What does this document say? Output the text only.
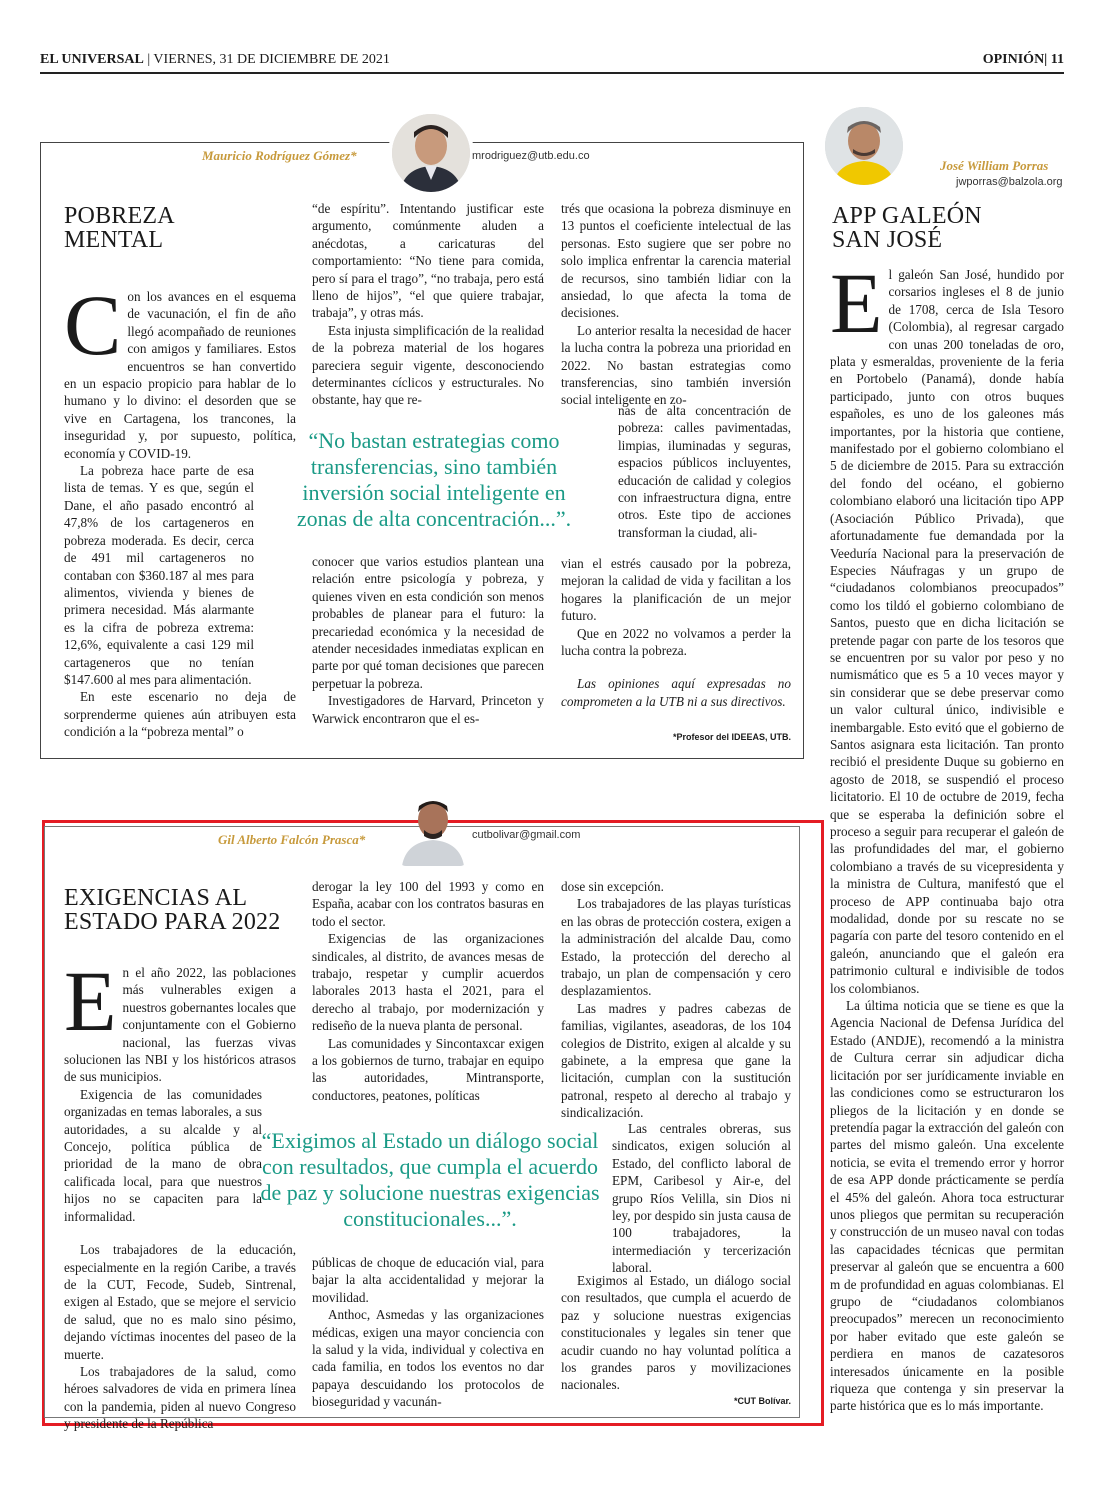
EL UNIVERSAL | VIERNES, 31 DE DICIEMBRE DE 2021	OPINIÓN| 11
Mauricio Rodríguez Gómez*	mrodriguez@utb.edu.co
POBREZA
MENTAL

Con los avances en el esquema de vacunación, el fin de año llegó acompañado de reuniones con amigos y familiares. Estos encuentros se han convertido en un espacio propicio para hablar de lo humano y lo divino: el desorden que se vive en Cartagena, los trancones, la inseguridad y, por supuesto, política, economía y COVID-19.

La pobreza hace parte de esa lista de temas. Y es que, según el Dane, el año pasado encontró al 47,8% de los cartageneros en pobreza moderada. Es decir, cerca de 491 mil cartageneros no contaban con $360.187 al mes para alimentos, vivienda y bienes de primera necesidad. Más alarmante es la cifra de pobreza extrema: 12,6%, equivalente a casi 129 mil cartageneros que no tenían $147.600 al mes para alimentación.

En este escenario no deja de sorprenderme quienes aún atribuyen esta condición a la “pobreza mental” o

“de espíritu”. Intentando justificar este argumento, comúnmente aluden a anécdotas, a caricaturas del comportamiento: “No tiene para comida, pero sí para el trago”, “no trabaja, pero está lleno de hijos”, “el que quiere trabajar, trabaja”, y otras más.

Esta injusta simplificación de la realidad de la pobreza material de los hogares pareciera seguir vigente, desconociendo determinantes cíclicos y estructurales. No obstante, hay que re-

conocer que varios estudios plantean una relación entre psicología y pobreza, y quienes viven en esta condición son menos probables de planear para el futuro: la precariedad económica y la necesidad de atender necesidades inmediatas explican en parte por qué toman decisiones que parecen perpetuar la pobreza.

Investigadores de Harvard, Princeton y Warwick encontraron que el es-

trés que ocasiona la pobreza disminuye en 13 puntos el coeficiente intelectual de las personas. Esto sugiere que ser pobre no solo implica enfrentar la carencia material de recursos, sino también lidiar con la ansiedad, lo que afecta la toma de decisiones.

Lo anterior resalta la necesidad de hacer la lucha contra la pobreza una prioridad en 2022. No bastan estrategias como transferencias, sino también inversión social inteligente en zo-

nas de alta concentración de pobreza: calles pavimentadas, limpias, iluminadas y seguras, espacios públicos incluyentes, educación de calidad y colegios con infraestructura digna, entre otros. Este tipo de acciones transforman la ciudad, ali-

vian el estrés causado por la pobreza, mejoran la calidad de vida y facilitan a los hogares la planificación de un mejor futuro.

Que en 2022 no volvamos a perder la lucha contra la pobreza.

Las opiniones aquí expresadas no comprometen a la UTB ni a sus directivos.

*Profesor del IDEEAS, UTB.
“No bastan estrategias como transferencias, sino también inversión social inteligente en zonas de alta concentración...”.
José William Porras
jwporras@balzola.org
APP GALEÓN
SAN JOSÉ

El galeón San José, hundido por corsarios ingleses el 8 de junio de 1708, cerca de Isla Tesoro (Colombia), al regresar cargado con unas 200 toneladas de oro, plata y esmeraldas, proveniente de la feria en Portobelo (Panamá), donde había participado, junto con otros buques españoles, es uno de los galeones más importantes, por la historia que contiene, manifestado por el gobierno colombiano el 5 de diciembre de 2015. Para su extracción del fondo del océano, el gobierno colombiano elaboró una licitación tipo APP (Asociación Público Privada), que afortunadamente fue demandada por la Veeduría Nacional para la preservación de Especies Náufragas y un grupo de “ciudadanos colombianos preocupados” como los tildó el gobierno colombiano de Santos, puesto que en dicha licitación se pretende pagar con parte de los tesoros que se encuentren por su valor por peso y no numismático que es 5 a 10 veces mayor y sin considerar que se debe preservar como un valor cultural único, indivisible e inembargable. Esto evitó que el gobierno de Santos asignara esta licitación. Tan pronto recibió el presidente Duque su gobierno en agosto de 2018, se suspendió el proceso licitatorio. El 10 de octubre de 2019, fecha que se esperaba la definición sobre el proceso a seguir para recuperar el galeón de las profundidades del mar, el gobierno colombiano a través de su vicepresidenta y la ministra de Cultura, manifestó que el proceso de APP continuaba bajo otra modalidad, donde por su rescate no se pagaría con parte del tesoro contenido en el galeón, anunciando que el galeón era patrimonio cultural e indivisible de todos los colombianos.

La última noticia que se tiene es que la Agencia Nacional de Defensa Jurídica del Estado (ANDJE), recomendó a la ministra de Cultura cerrar sin adjudicar dicha licitación por ser jurídicamente inviable en las condiciones como se estructuraron los pliegos de la licitación y en donde se pretendía pagar la extracción del galeón con partes del mismo galeón. Una excelente noticia, se evita el tremendo error y horror de esa APP donde prácticamente se perdía el 45% del galeón. Ahora toca estructurar unos pliegos que permitan su recuperación y construcción de un museo naval con todas las capacidades técnicas que permitan preservar al galeón que se encuentra a 600 m de profundidad en aguas colombianas. El grupo de “ciudadanos colombianos preocupados” merecen un reconocimiento por haber evitado que este galeón se perdiera en manos de cazatesoros interesados únicamente en la posible riqueza que contenga y sin preservar la parte histórica que es lo más importante.

Gil Alberto Falcón Prasca*	cutbolivar@gmail.com
EXIGENCIAS AL
ESTADO PARA 2022

En el año 2022, las poblaciones más vulnerables exigen a nuestros gobernantes locales que conjuntamente con el Gobierno nacional, las fuerzas vivas solucionen las NBI y los históricos atrasos de sus municipios.

Exigencia de las comunidades organizadas en temas laborales, a sus autoridades, a su alcalde y al Concejo, política pública de prioridad de la mano de obra calificada local, para que nuestros hijos no se capaciten para la informalidad.

Los trabajadores de la educación, especialmente en la región Caribe, a través de la CUT, Fecode, Sudeb, Sintrenal, exigen al Estado, que se mejore el servicio de salud, que no es malo sino pésimo, dejando víctimas inocentes del paseo de la muerte.

Los trabajadores de la salud, como héroes salvadores de vida en primera línea con la pandemia, piden al nuevo Congreso y presidente de la República

derogar la ley 100 del 1993 y como en España, acabar con los contratos basuras en todo el sector.

Exigencias de las organizaciones sindicales, al distrito, de avances mesas de trabajo, respetar y cumplir acuerdos laborales 2013 hasta el 2021, para el derecho al trabajo, por modernización y rediseño de la nueva planta de personal.

Las comunidades y Sincontaxcar exigen a los gobiernos de turno, trabajar en equipo las autoridades, Mintransporte, conductores, peatones, políticas

públicas de choque de educación vial, para bajar la alta accidentalidad y mejorar la movilidad.

Anthoc, Asmedas y las organizaciones médicas, exigen una mayor conciencia con la salud y la vida, individual y colectiva en cada familia, en todos los eventos no dar papaya descuidando los protocolos de bioseguridad y vacunán-

dose sin excepción.

Los trabajadores de las playas turísticas en las obras de protección costera, exigen a la administración del alcalde Dau, como Estado, la protección del derecho al trabajo, un plan de compensación y cero desplazamientos.

Las madres y padres cabezas de familias, vigilantes, aseadoras, de los 104 colegios de Distrito, exigen al alcalde y su gabinete, a la empresa que gane la licitación, cumplan con la sustitución patronal, respeto al derecho al trabajo y sindicalización.

Las centrales obreras, sus sindicatos, exigen solución al Estado, del conflicto laboral de EPM, Caribesol y Air-e, del grupo Ríos Velilla, sin Dios ni ley, por despido sin justa causa de 100 trabajadores, la intermediación y tercerización laboral.

Exigimos al Estado, un diálogo social con resultados, que cumpla el acuerdo de paz y solucione nuestras exigencias constitucionales y legales sin tener que acudir cuando no hay voluntad política a los grandes paros y movilizaciones nacionales.

*CUT Bolívar.
“Exigimos al Estado un diálogo social con resultados, que cumpla el acuerdo de paz y solucione nuestras exigencias constitucionales...”.
